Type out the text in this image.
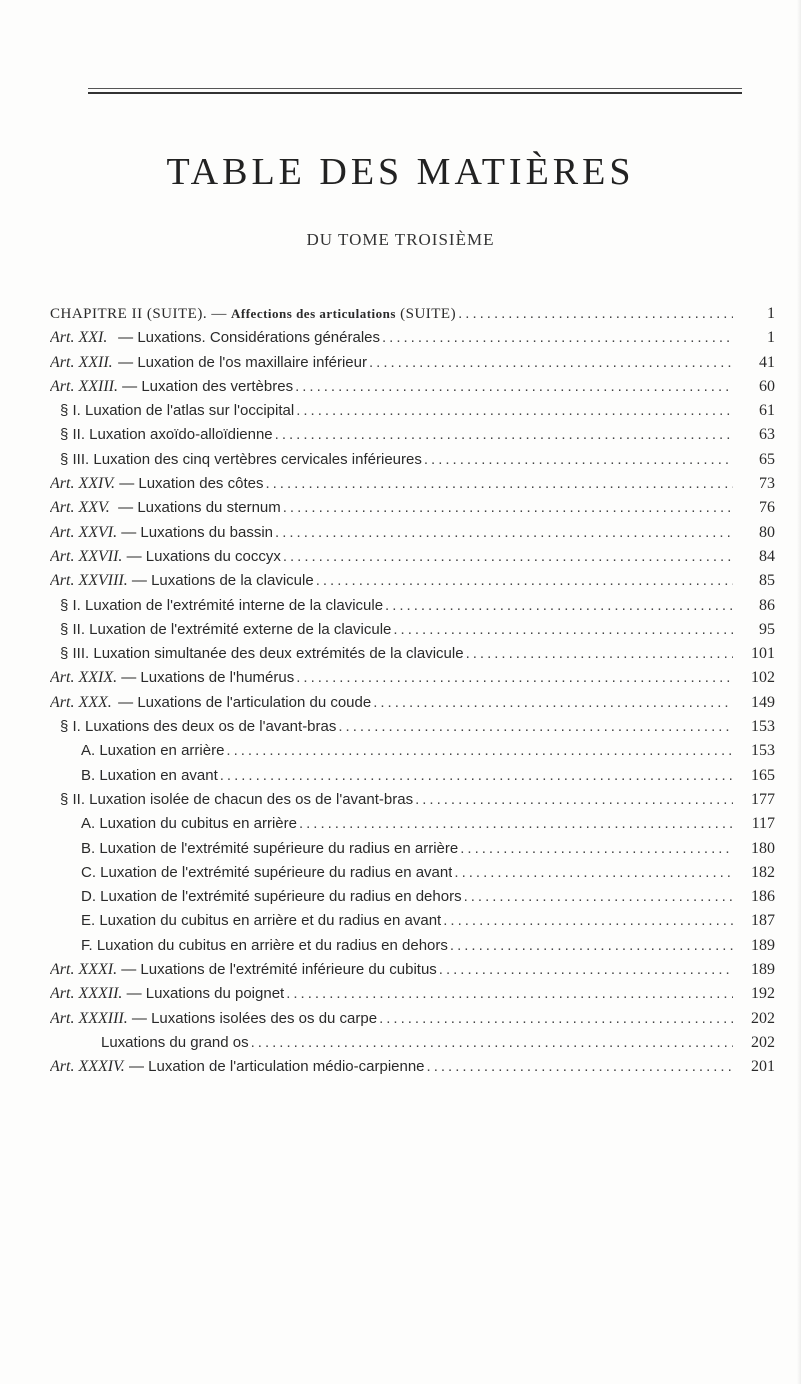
TABLE DES MATIÈRES
DU TOME TROISIÈME
CHAPITRE II (SUITE). — Affections des articulations (SUITE) .....	1
Art. XXI. — Luxations. Considérations générales .....	1
Art. XXII. — Luxation de l'os maxillaire inférieur .....	41
Art. XXIII. — Luxation des vertèbres .....	60
§ I. Luxation de l'atlas sur l'occipital .....	61
§ II. Luxation axoïdo-alloïdienne .....	63
§ III. Luxation des cinq vertèbres cervicales inférieures .....	65
Art. XXIV. — Luxation des côtes .....	73
Art. XXV. — Luxations du sternum .....	76
Art. XXVI. — Luxations du bassin .....	80
Art. XXVII. — Luxations du coccyx .....	84
Art. XXVIII. — Luxations de la clavicule .....	85
§ I. Luxation de l'extrémité interne de la clavicule .....	86
§ II. Luxation de l'extrémité externe de la clavicule .....	95
§ III. Luxation simultanée des deux extrémités de la clavicule .....	101
Art. XXIX. — Luxations de l'humérus .....	102
Art. XXX. — Luxations de l'articulation du coude .....	149
§ I. Luxations des deux os de l'avant-bras .....	153
A. Luxation en arrière .....	153
B. Luxation en avant .....	165
§ II. Luxation isolée de chacun des os de l'avant-bras .....	177
A. Luxation du cubitus en arrière .....	117
B. Luxation de l'extrémité supérieure du radius en arrière .....	180
C. Luxation de l'extrémité supérieure du radius en avant .....	182
D. Luxation de l'extrémité supérieure du radius en dehors .....	186
E. Luxation du cubitus en arrière et du radius en avant .....	187
F. Luxation du cubitus en arrière et du radius en dehors .....	189
Art. XXXI. — Luxations de l'extrémité inférieure du cubitus .....	189
Art. XXXII. — Luxations du poignet .....	192
Art. XXXIII. — Luxations isolées des os du carpe .....	202
Luxations du grand os .....	202
Art. XXXIV. — Luxation de l'articulation médio-carpienne .....	201
